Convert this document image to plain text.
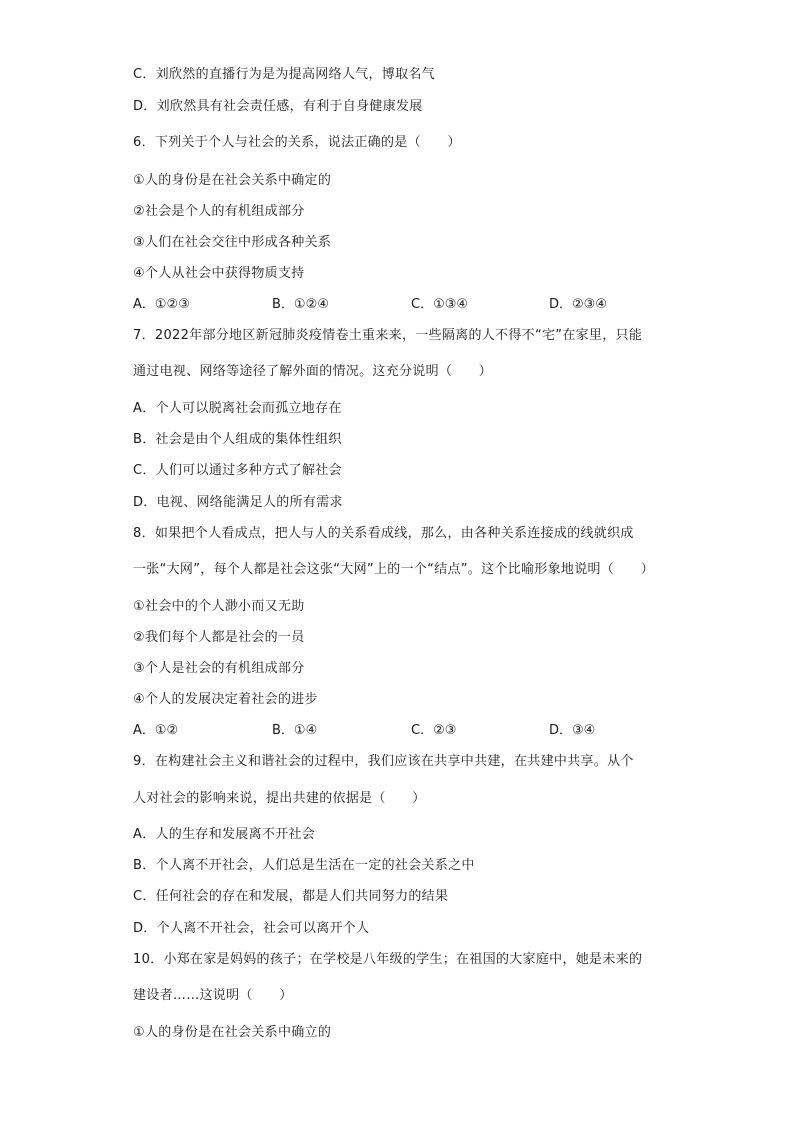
C．刘欣然的直播行为是为提高网络人气，博取名气
D．刘欣然具有社会责任感，有利于自身健康发展
6．下列关于个人与社会的关系，说法正确的是（　　）
①人的身份是在社会关系中确定的
②社会是个人的有机组成部分
③人们在社会交往中形成各种关系
④个人从社会中获得物质支持
A．①②③	B．①②④	C．①③④	D．②③④
7．2022年部分地区新冠肺炎疫情卷土重来来，一些隔离的人不得不“宅”在家里，只能
通过电视、网络等途径了解外面的情况。这充分说明（　　）
A．个人可以脱离社会而孤立地存在
B．社会是由个人组成的集体性组织
C．人们可以通过多种方式了解社会
D．电视、网络能满足人的所有需求
8．如果把个人看成点，把人与人的关系看成线，那么，由各种关系连接成的线就织成
一张“大网”，每个人都是社会这张“大网”上的一个“结点”。这个比喻形象地说明（　　）
①社会中的个人渺小而又无助
②我们每个人都是社会的一员
③个人是社会的有机组成部分
④个人的发展决定着社会的进步
A．①②	B．①④	C．②③	D．③④
9．在构建社会主义和谐社会的过程中，我们应该在共享中共建，在共建中共享。从个
人对社会的影响来说，提出共建的依据是（　　）
A．人的生存和发展离不开社会
B．个人离不开社会，人们总是生活在一定的社会关系之中
C．任何社会的存在和发展，都是人们共同努力的结果
D．个人离不开社会，社会可以离开个人
10．小郑在家是妈妈的孩子；在学校是八年级的学生；在祖国的大家庭中，她是未来的
建设者……这说明（　　）
①人的身份是在社会关系中确立的
